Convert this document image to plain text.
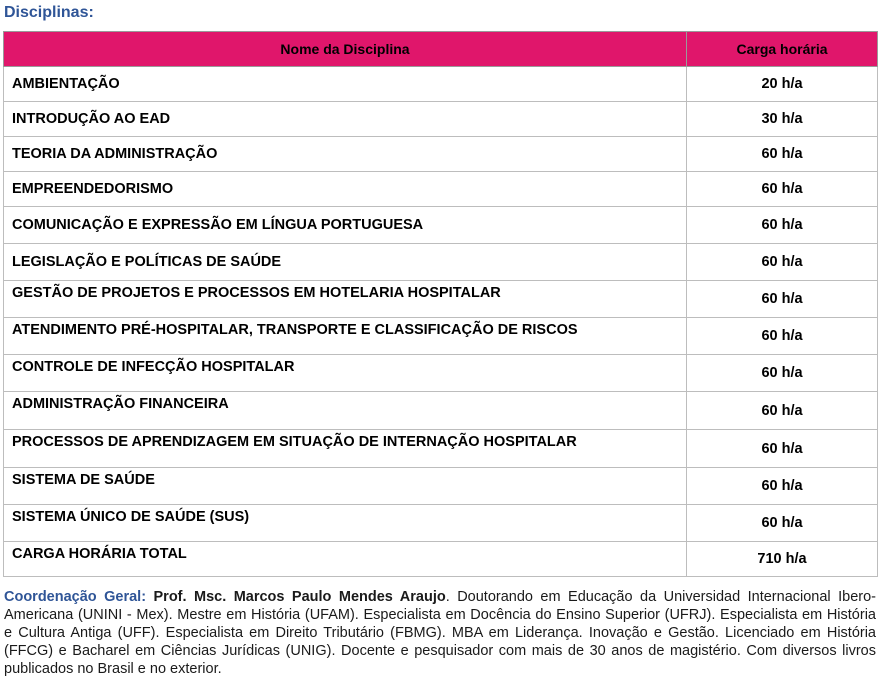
Disciplinas:
Nome da Disciplina	Carga horária
AMBIENTAÇÃO	20 h/a
INTRODUÇÃO AO EAD	30 h/a
TEORIA DA ADMINISTRAÇÃO	60 h/a
EMPREENDEDORISMO	60 h/a
COMUNICAÇÃO E EXPRESSÃO EM LÍNGUA PORTUGUESA	60 h/a
LEGISLAÇÃO E POLÍTICAS DE SAÚDE	60 h/a
GESTÃO DE PROJETOS E PROCESSOS EM HOTELARIA HOSPITALAR	60 h/a
ATENDIMENTO PRÉ-HOSPITALAR, TRANSPORTE E CLASSIFICAÇÃO DE RISCOS	60 h/a
CONTROLE DE INFECÇÃO HOSPITALAR	60 h/a
ADMINISTRAÇÃO FINANCEIRA	60 h/a
PROCESSOS DE APRENDIZAGEM EM SITUAÇÃO DE INTERNAÇÃO HOSPITALAR	60 h/a
SISTEMA DE SAÚDE	60 h/a
SISTEMA ÚNICO DE SAÚDE (SUS)	60 h/a
CARGA HORÁRIA TOTAL	710 h/a
Coordenação Geral: Prof. Msc. Marcos Paulo Mendes Araujo. Doutorando em Educação da Universidad Internacional Ibero-Americana (UNINI - Mex). Mestre em História (UFAM). Especialista em Docência do Ensino Superior (UFRJ). Especialista em História e Cultura Antiga (UFF). Especialista em Direito Tributário (FBMG). MBA em Liderança. Inovação e Gestão. Licenciado em História (FFCG) e Bacharel em Ciências Jurídicas (UNIG). Docente e pesquisador com mais de 30 anos de magistério. Com diversos livros publicados no Brasil e no exterior.
